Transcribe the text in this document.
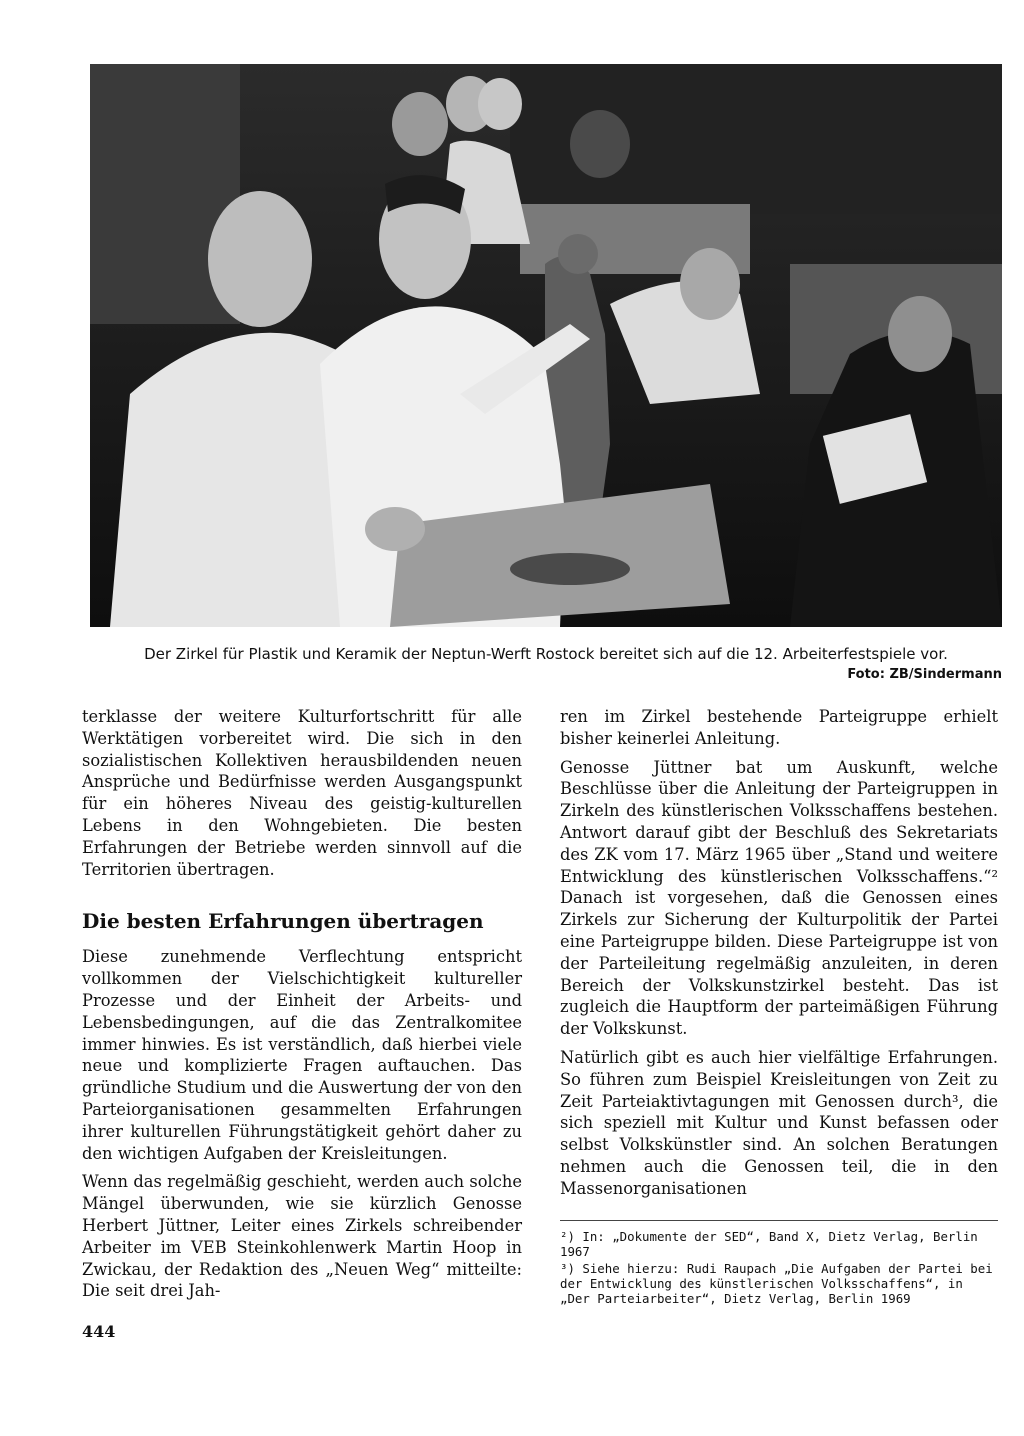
Der Zirkel für Plastik und Keramik der Neptun-Werft Rostock bereitet sich auf die 12. Arbeiterfestspiele vor.
Foto: ZB/Sindermann

terklasse der weitere Kulturfortschritt für alle Werktätigen vorbereitet wird. Die sich in den sozialistischen Kollektiven herausbildenden neuen Ansprüche und Bedürfnisse werden Ausgangspunkt für ein höheres Niveau des geistig-kulturellen Lebens in den Wohngebieten. Die besten Erfahrungen der Betriebe werden sinnvoll auf die Territorien übertragen.

Die besten Erfahrungen übertragen

Diese zunehmende Verflechtung entspricht vollkommen der Vielschichtigkeit kultureller Prozesse und der Einheit der Arbeits- und Lebensbedingungen, auf die das Zentralkomitee immer hinwies. Es ist verständlich, daß hierbei viele neue und komplizierte Fragen auftauchen. Das gründliche Studium und die Auswertung der von den Parteiorganisationen gesammelten Erfahrungen ihrer kulturellen Führungstätigkeit gehört daher zu den wichtigen Aufgaben der Kreisleitungen.

Wenn das regelmäßig geschieht, werden auch solche Mängel überwunden, wie sie kürzlich Genosse Herbert Jüttner, Leiter eines Zirkels schreibender Arbeiter im VEB Steinkohlenwerk Martin Hoop in Zwickau, der Redaktion des „Neuen Weg“ mitteilte: Die seit drei Jah-

ren im Zirkel bestehende Parteigruppe erhielt bisher keinerlei Anleitung.

Genosse Jüttner bat um Auskunft, welche Beschlüsse über die Anleitung der Parteigruppen in Zirkeln des künstlerischen Volksschaffens bestehen. Antwort darauf gibt der Beschluß des Sekretariats des ZK vom 17. März 1965 über „Stand und weitere Entwicklung des künstlerischen Volksschaffens.“² Danach ist vorgesehen, daß die Genossen eines Zirkels zur Sicherung der Kulturpolitik der Partei eine Parteigruppe bilden. Diese Parteigruppe ist von der Parteileitung regelmäßig anzuleiten, in deren Bereich der Volkskunstzirkel besteht. Das ist zugleich die Hauptform der parteimäßigen Führung der Volkskunst.

Natürlich gibt es auch hier vielfältige Erfahrungen. So führen zum Beispiel Kreisleitungen von Zeit zu Zeit Parteiaktivtagungen mit Genossen durch³, die sich speziell mit Kultur und Kunst befassen oder selbst Volkskünstler sind. An solchen Beratungen nehmen auch die Genossen teil, die in den Massenorganisationen

²) In: „Dokumente der SED“, Band X, Dietz Verlag, Berlin 1967
³) Siehe hierzu: Rudi Raupach „Die Aufgaben der Partei bei der Entwicklung des künstlerischen Volksschaffens“, in „Der Parteiarbeiter“, Dietz Verlag, Berlin 1969
444
